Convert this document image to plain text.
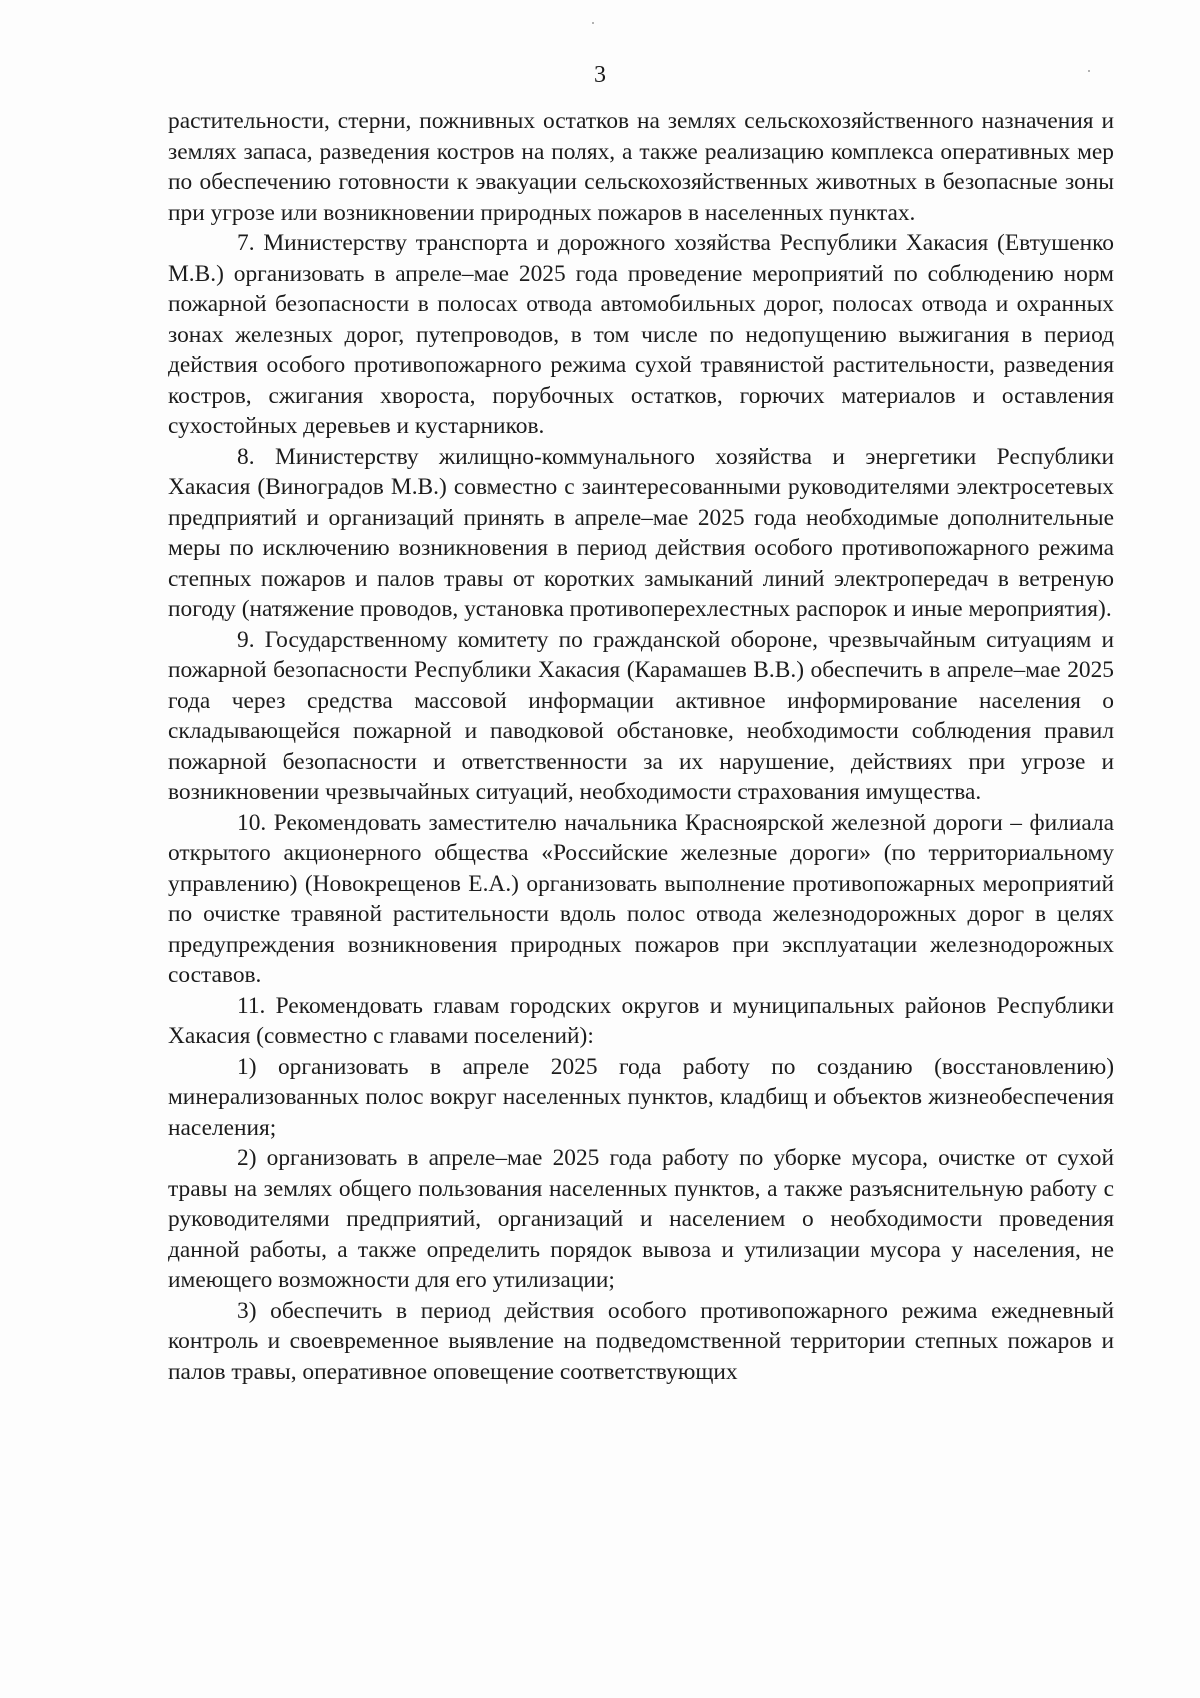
3

растительности, стерни, пожнивных остатков на землях сельскохозяйственного назначения и землях запаса, разведения костров на полях, а также реализацию комплекса оперативных мер по обеспечению готовности к эвакуации сельскохозяйственных животных в безопасные зоны при угрозе или возникновении природных пожаров в населенных пунктах.

7. Министерству транспорта и дорожного хозяйства Республики Хакасия (Евтушенко М.В.) организовать в апреле–мае 2025 года проведение мероприятий по соблюдению норм пожарной безопасности в полосах отвода автомобильных дорог, полосах отвода и охранных зонах железных дорог, путепроводов, в том числе по недопущению выжигания в период действия особого противопожарного режима сухой травянистой растительности, разведения костров, сжигания хвороста, порубочных остатков, горючих материалов и оставления сухостойных деревьев и кустарников.

8. Министерству жилищно-коммунального хозяйства и энергетики Республики Хакасия (Виноградов М.В.) совместно с заинтересованными руководителями электросетевых предприятий и организаций принять в апреле–мае 2025 года необходимые дополнительные меры по исключению возникновения в период действия особого противопожарного режима степных пожаров и палов травы от коротких замыканий линий электропередач в ветреную погоду (натяжение проводов, установка противоперехлестных распорок и иные мероприятия).

9. Государственному комитету по гражданской обороне, чрезвычайным ситуациям и пожарной безопасности Республики Хакасия (Карамашев В.В.) обеспечить в апреле–мае 2025 года через средства массовой информации активное информирование населения о складывающейся пожарной и паводковой обстановке, необходимости соблюдения правил пожарной безопасности и ответственности за их нарушение, действиях при угрозе и возникновении чрезвычайных ситуаций, необходимости страхования имущества.

10. Рекомендовать заместителю начальника Красноярской железной дороги – филиала открытого акционерного общества «Российские железные дороги» (по территориальному управлению) (Новокрещенов Е.А.) организовать выполнение противопожарных мероприятий по очистке травяной растительности вдоль полос отвода железнодорожных дорог в целях предупреждения возникновения природных пожаров при эксплуатации железнодорожных составов.

11. Рекомендовать главам городских округов и муниципальных районов Республики Хакасия (совместно с главами поселений):

1) организовать в апреле 2025 года работу по созданию (восстановлению) минерализованных полос вокруг населенных пунктов, кладбищ и объектов жизнеобеспечения населения;

2) организовать в апреле–мае 2025 года работу по уборке мусора, очистке от сухой травы на землях общего пользования населенных пунктов, а также разъяснительную работу с руководителями предприятий, организаций и населением о необходимости проведения данной работы, а также определить порядок вывоза и утилизации мусора у населения, не имеющего возможности для его утилизации;

3) обеспечить в период действия особого противопожарного режима ежедневный контроль и своевременное выявление на подведомственной территории степных пожаров и палов травы, оперативное оповещение соответствующих
